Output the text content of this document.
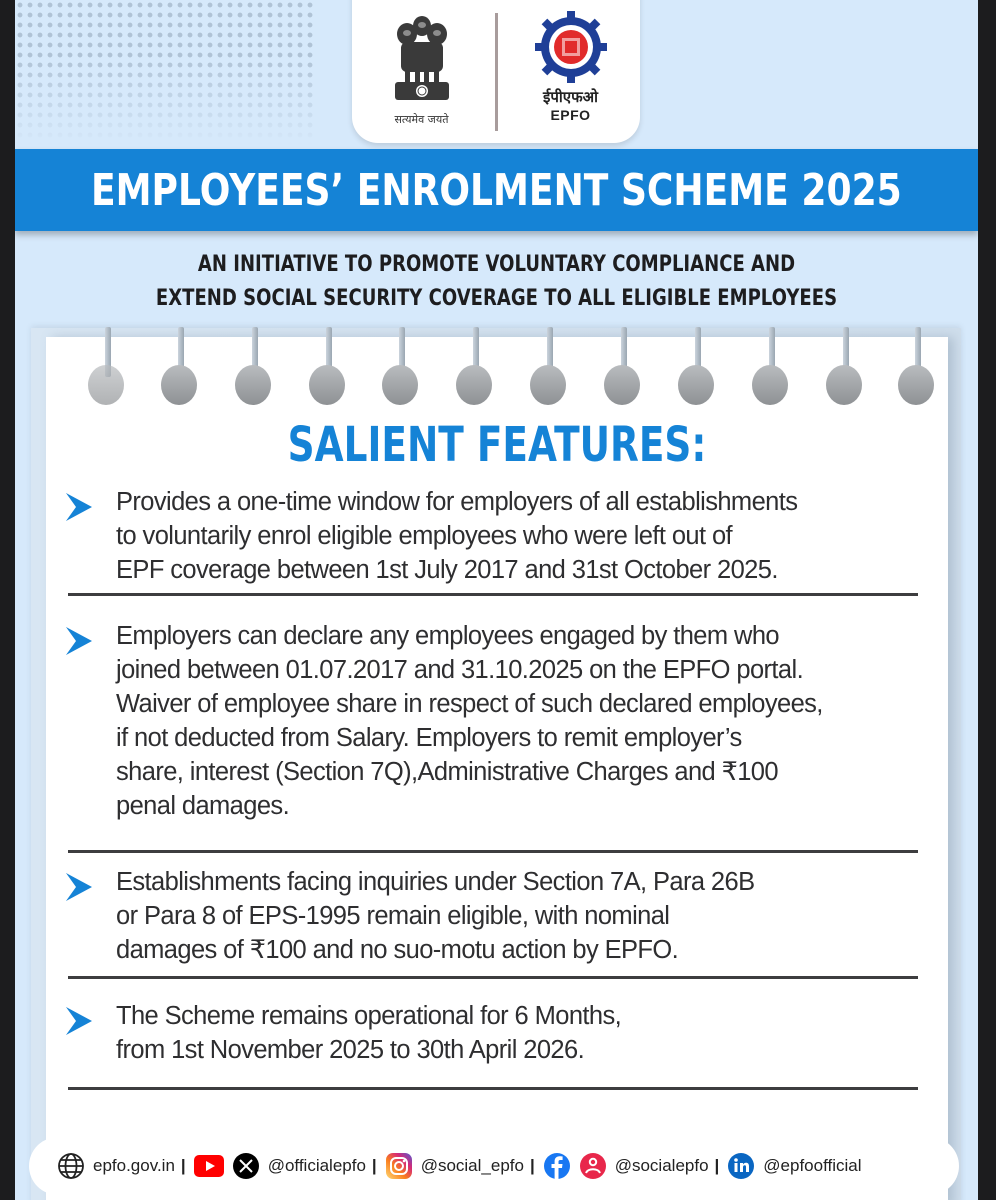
सत्यमेव जयते
ईपीएफओ
EPFO
EMPLOYEES’ ENROLMENT SCHEME 2025
AN INITIATIVE TO PROMOTE VOLUNTARY COMPLIANCE AND
EXTEND SOCIAL SECURITY COVERAGE TO ALL ELIGIBLE EMPLOYEES
SALIENT FEATURES:
Provides a one-time window for employers of all establishments
to voluntarily enrol eligible employees who were left out of
EPF coverage between 1st July 2017 and 31st October 2025.
Employers can declare any employees engaged by them who
joined between 01.07.2017 and 31.10.2025 on the EPFO portal.
Waiver of employee share in respect of such declared employees,
if not deducted from Salary. Employers to remit employer’s
share, interest (Section 7Q),Administrative Charges and ₹100
penal damages.
Establishments facing inquiries under Section 7A, Para 26B
or Para 8 of EPS-1995 remain eligible, with nominal
damages of ₹100 and no suo-motu action by EPFO.
The Scheme remains operational for 6 Months,
from 1st November 2025 to 30th April 2026.
epfo.gov.in |	@officialepfo |	@social_epfo |	@socialepfo |	@epfoofficial
